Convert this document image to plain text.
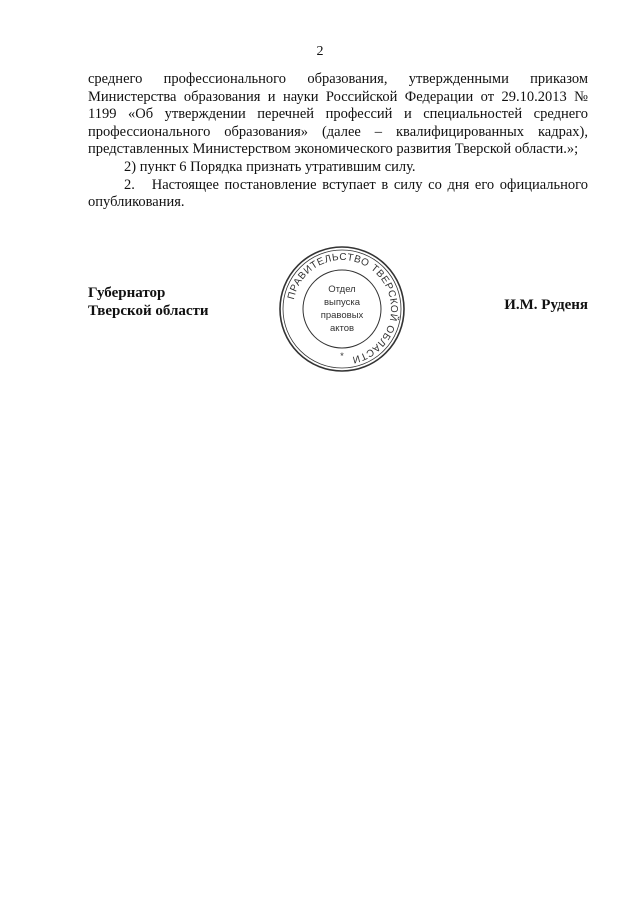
2

среднего профессионального образования, утвержденными приказом Министерства образования и науки Российской Федерации от 29.10.2013 № 1199 «Об утверждении перечней профессий и специальностей среднего профессионального образования» (далее – квалифицированных кадрах), представленных Министерством экономического развития Тверской области.»;

2) пункт 6 Порядка признать утратившим силу.

2.   Настоящее постановление вступает в силу со дня его официального опубликования.

Губернатор
Тверской области
ПРАВИТЕЛЬСТВО ТВЕРСКОЙ ОБЛАСТИ
Отдел
выпуска
правовых
актов
*
И.М. Руденя
